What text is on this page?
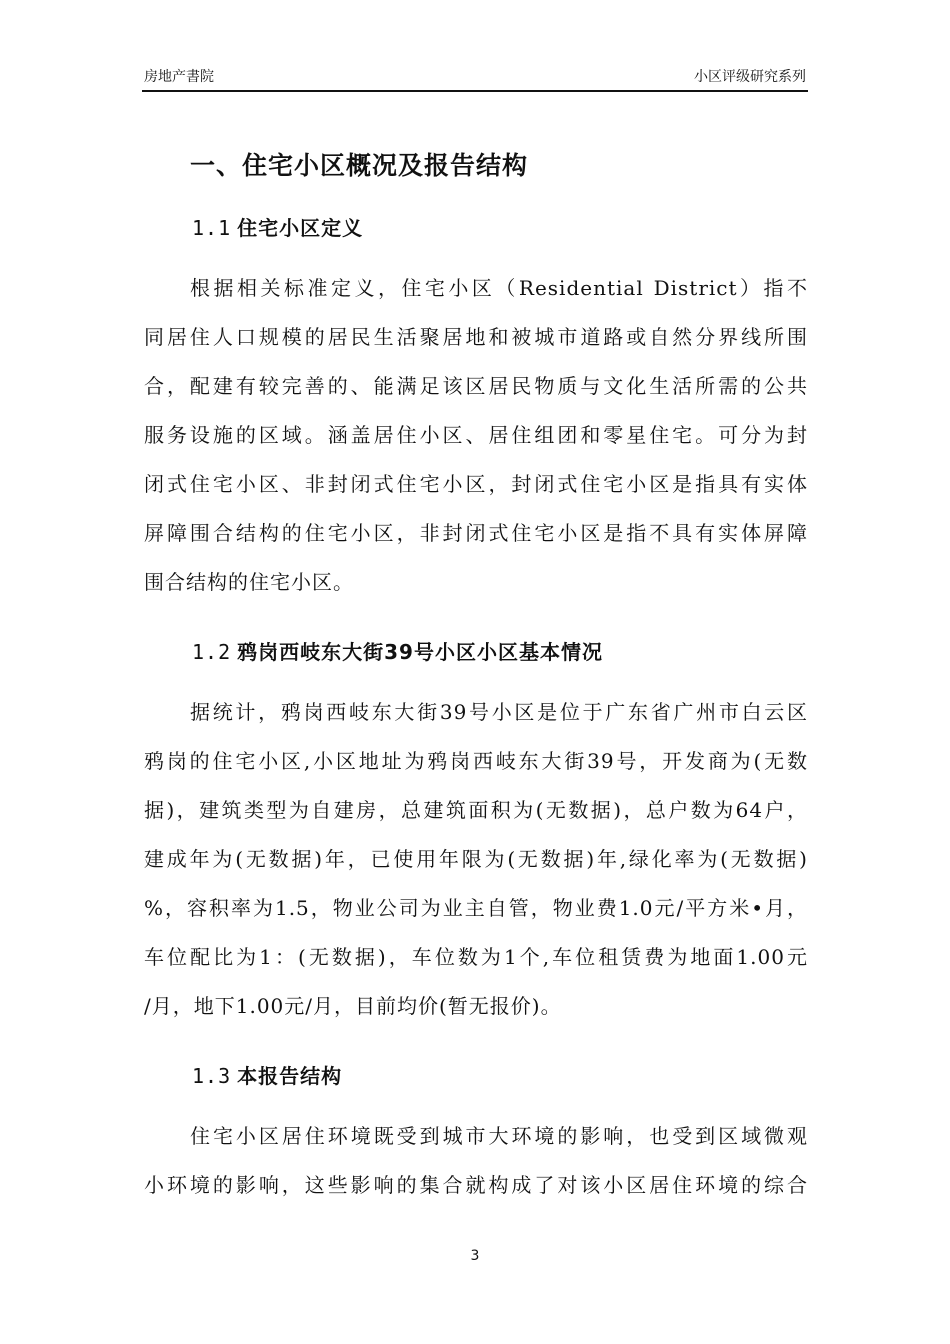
房地产書院	小区评级研究系列
一、住宅小区概况及报告结构
1.1 住宅小区定义
根据相关标准定义，住宅小区（Residential District）指不
同居住人口规模的居民生活聚居地和被城市道路或自然分界线所围
合，配建有较完善的、能满足该区居民物质与文化生活所需的公共
服务设施的区域。涵盖居住小区、居住组团和零星住宅。可分为封
闭式住宅小区、非封闭式住宅小区，封闭式住宅小区是指具有实体
屏障围合结构的住宅小区，非封闭式住宅小区是指不具有实体屏障
围合结构的住宅小区。
1.2 鸦岗西岐东大街39号小区小区基本情况
据统计，鸦岗西岐东大街39号小区是位于广东省广州市白云区
鸦岗的住宅小区,小区地址为鸦岗西岐东大街39号，开发商为(无数
据)，建筑类型为自建房，总建筑面积为(无数据)，总户数为64户，
建成年为(无数据)年，已使用年限为(无数据)年,绿化率为(无数据)
%，容积率为1.5，物业公司为业主自管，物业费1.0元/平方米•月，
车位配比为1：(无数据)，车位数为1个,车位租赁费为地面1.00元
/月，地下1.00元/月，目前均价(暂无报价)。
1.3 本报告结构
住宅小区居住环境既受到城市大环境的影响，也受到区域微观
小环境的影响，这些影响的集合就构成了对该小区居住环境的综合
3
